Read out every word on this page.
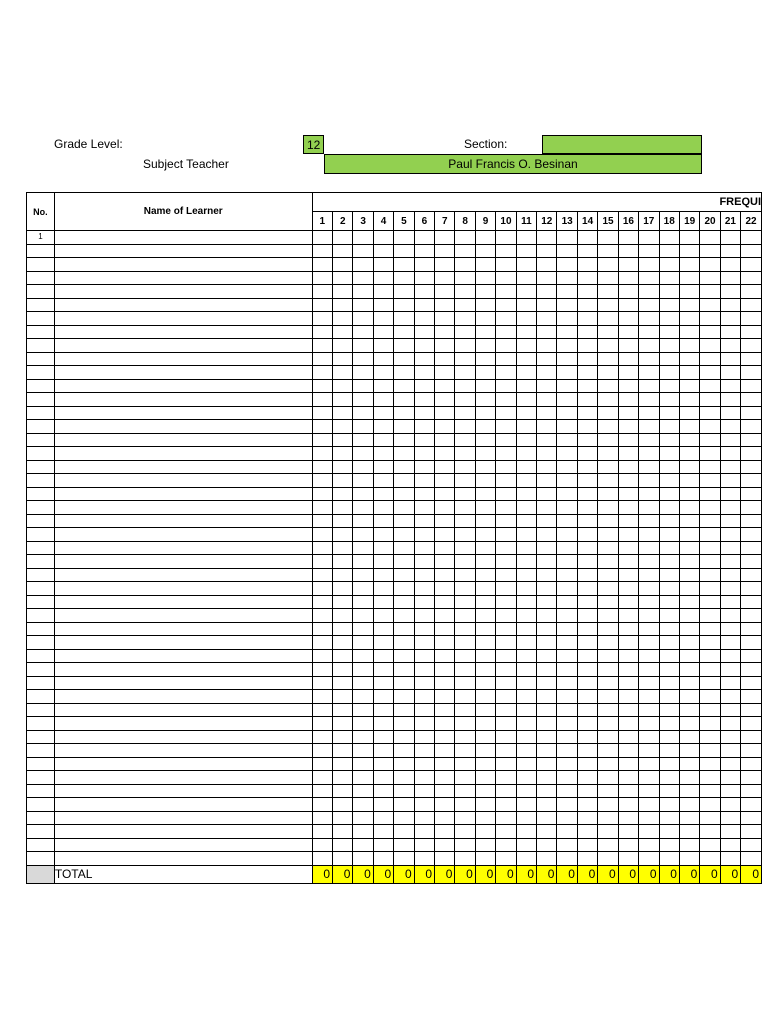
Grade Level:	12	Section:
Subject Teacher	Paul Francis O. Besinan
No.	Name of Learner	FREQUI																					
		1	2	3	4	5	6	7	8	9	10	11	12	13	14	15	16	17	18	19	20	21	22
1																							

	TOTAL	0	0	0	0	0	0	0	0	0	0	0	0	0	0	0	0	0	0	0	0	0	0
